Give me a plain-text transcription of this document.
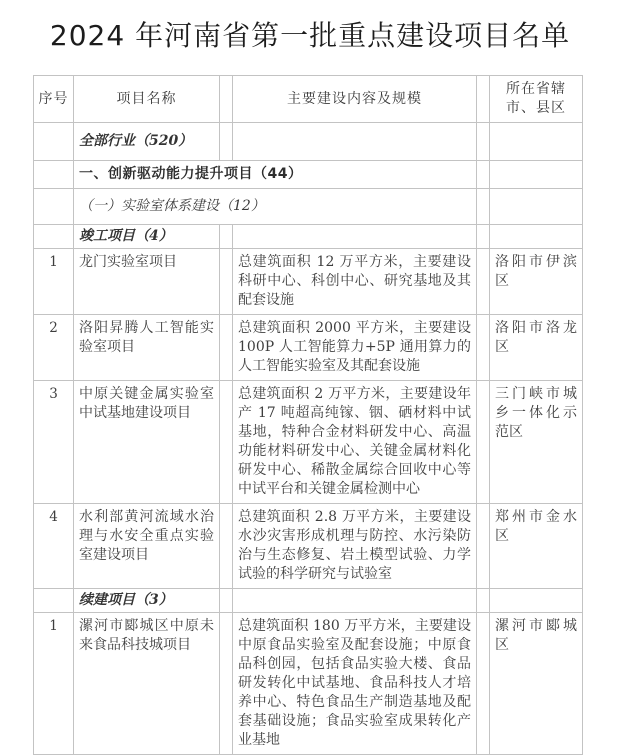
2024 年河南省第一批重点建设项目名单
序号	项目名称		主要建设内容及规模		所在省辖市、县区
	全部行业（520）				
	一、创新驱动能力提升项目（44）				
	（一）实验室体系建设（12）				
	竣工项目（4）				
1	龙门实验室项目		总建筑面积 12 万平方米，主要建设科研中心、科创中心、研究基地及其配套设施		洛阳市伊滨区
2	洛阳昇腾人工智能实验室项目		总建筑面积 2000 平方米，主要建设 100P 人工智能算力+5P 通用算力的人工智能实验室及其配套设施		洛阳市洛龙区
3	中原关键金属实验室中试基地建设项目		总建筑面积 2 万平方米，主要建设年产 17 吨超高纯镓、铟、硒材料中试基地，特种合金材料研发中心、高温功能材料研发中心、关键金属材料化研发中心、稀散金属综合回收中心等中试平台和关键金属检测中心		三门峡市城乡一体化示范区
4	水利部黄河流域水治理与水安全重点实验室建设项目		总建筑面积 2.8 万平方米，主要建设水沙灾害形成机理与防控、水污染防治与生态修复、岩土模型试验、力学试验的科学研究与试验室		郑州市金水区
	续建项目（3）				
1	漯河市郾城区中原未来食品科技城项目		总建筑面积 180 万平方米，主要建设中原食品实验室及配套设施；中原食品科创园，包括食品实验大楼、食品研发转化中试基地、食品科技人才培养中心、特色食品生产制造基地及配套基础设施；食品实验室成果转化产业基地		漯河市郾城区
